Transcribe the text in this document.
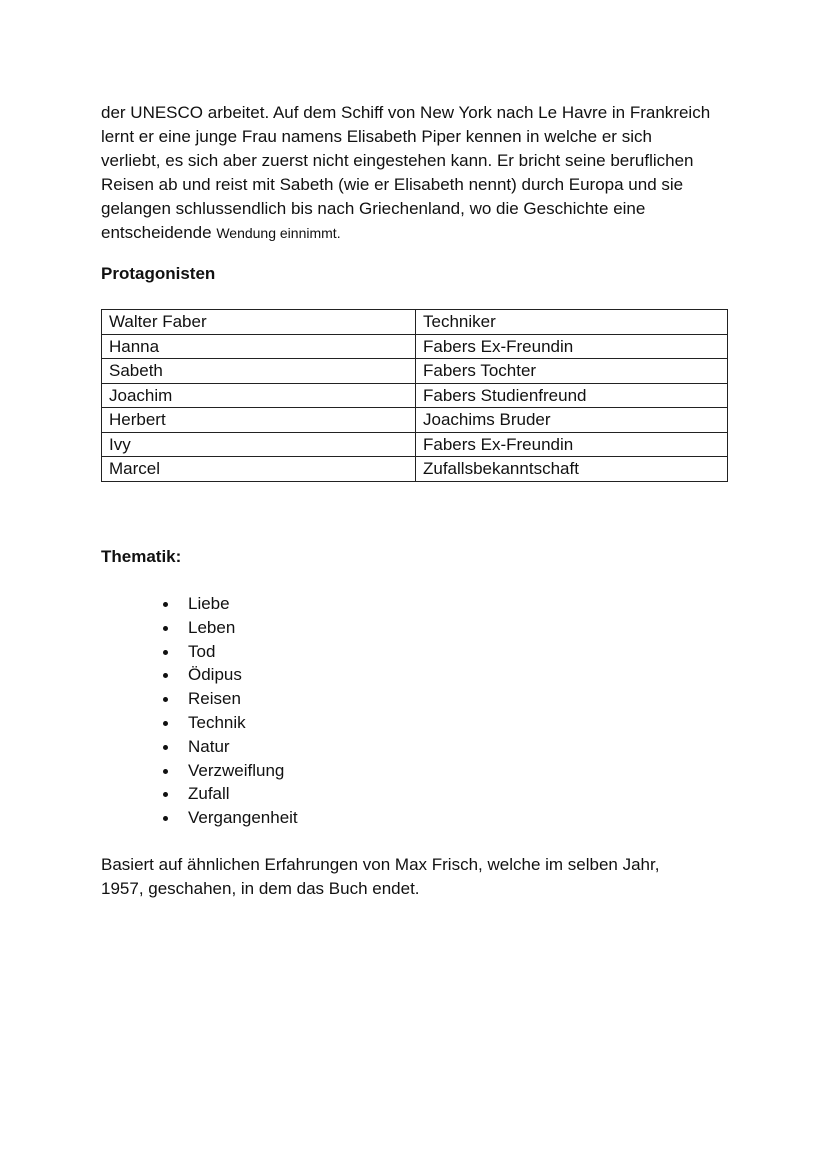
der UNESCO arbeitet. Auf dem Schiff von New York nach Le Havre in Frankreich
lernt er eine junge Frau namens Elisabeth Piper kennen in welche er sich
verliebt, es sich aber zuerst nicht eingestehen kann. Er bricht seine beruflichen
Reisen ab und reist mit Sabeth (wie er Elisabeth nennt) durch Europa und sie
gelangen schlussendlich bis nach Griechenland, wo die Geschichte eine
entscheidende Wendung einnimmt.

Protagonisten
Walter Faber	Techniker
Hanna	Fabers Ex-Freundin
Sabeth	Fabers Tochter
Joachim	Fabers Studienfreund
Herbert	Joachims Bruder
Ivy	Fabers Ex-Freundin
Marcel	Zufallsbekanntschaft
Thematik:
Liebe
Leben
Tod
Ödipus
Reisen
Technik
Natur
Verzweiflung
Zufall
Vergangenheit

Basiert auf ähnlichen Erfahrungen von Max Frisch, welche im selben Jahr,
1957, geschahen, in dem das Buch endet.
